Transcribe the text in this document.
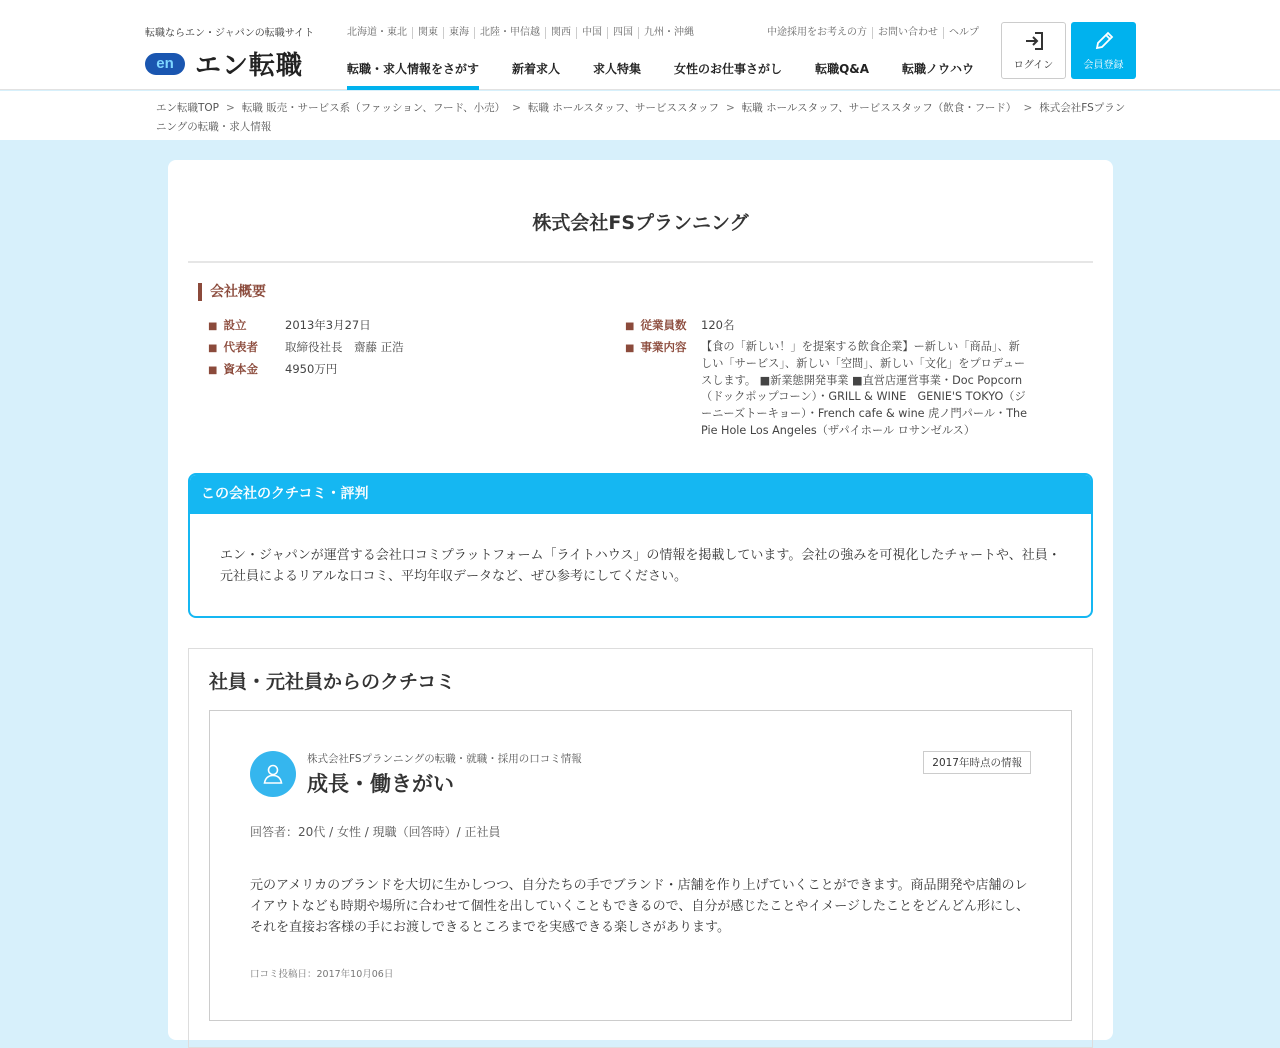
転職ならエン・ジャパンの転職サイト
en エン転職
北海道・東北	関東	東海	北陸・甲信越	関西	中国	四国	九州・沖縄	中途採用をお考えの方	お問い合わせ	ヘルプ
転職・求人情報をさがす	新着求人	求人特集	女性のお仕事さがし	転職Q&A	転職ノウハウ	ログイン	会員登録
エン転職TOP > 転職 販売・サービス系（ファッション、フード、小売） > 転職 ホールスタッフ、サービススタッフ > 転職 ホールスタッフ、サービススタッフ（飲食・フード） > 株式会社FSプランニングの転職・求人情報
株式会社FSプランニング
会社概要
■ 設立	2013年3月27日
■ 代表者	取締役社長　齋藤 正浩
■ 資本金	4950万円
■ 従業員数	120名
■ 事業内容	【食の「新しい！」を提案する飲食企業】ー新しい「商品」、新しい「サービス」、新しい「空間」、新しい「文化」をプロデュースします。 ■新業態開発事業 ■直営店運営事業・Doc Popcorn（ドックポップコーン）・GRILL & WINE　GENIE'S TOKYO（ジーニーズトーキョー）・French cafe & wine 虎ノ門パール・The Pie Hole Los Angeles（ザパイホール ロサンゼルス）
この会社のクチコミ・評判
エン・ジャパンが運営する会社口コミプラットフォーム「ライトハウス」の情報を掲載しています。会社の強みを可視化したチャートや、社員・元社員によるリアルな口コミ、平均年収データなど、ぜひ参考にしてください。
社員・元社員からのクチコミ
株式会社FSプランニングの転職・就職・採用の口コミ情報
成長・働きがい
2017年時点の情報
回答者：20代 / 女性 / 現職（回答時）/ 正社員
元のアメリカのブランドを大切に生かしつつ、自分たちの手でブランド・店舗を作り上げていくことができます。商品開発や店舗のレイアウトなども時期や場所に合わせて個性を出していくこともできるので、自分が感じたことやイメージしたことをどんどん形にし、それを直接お客様の手にお渡しできるところまでを実感できる楽しさがあります。
口コミ投稿日：2017年10月06日
